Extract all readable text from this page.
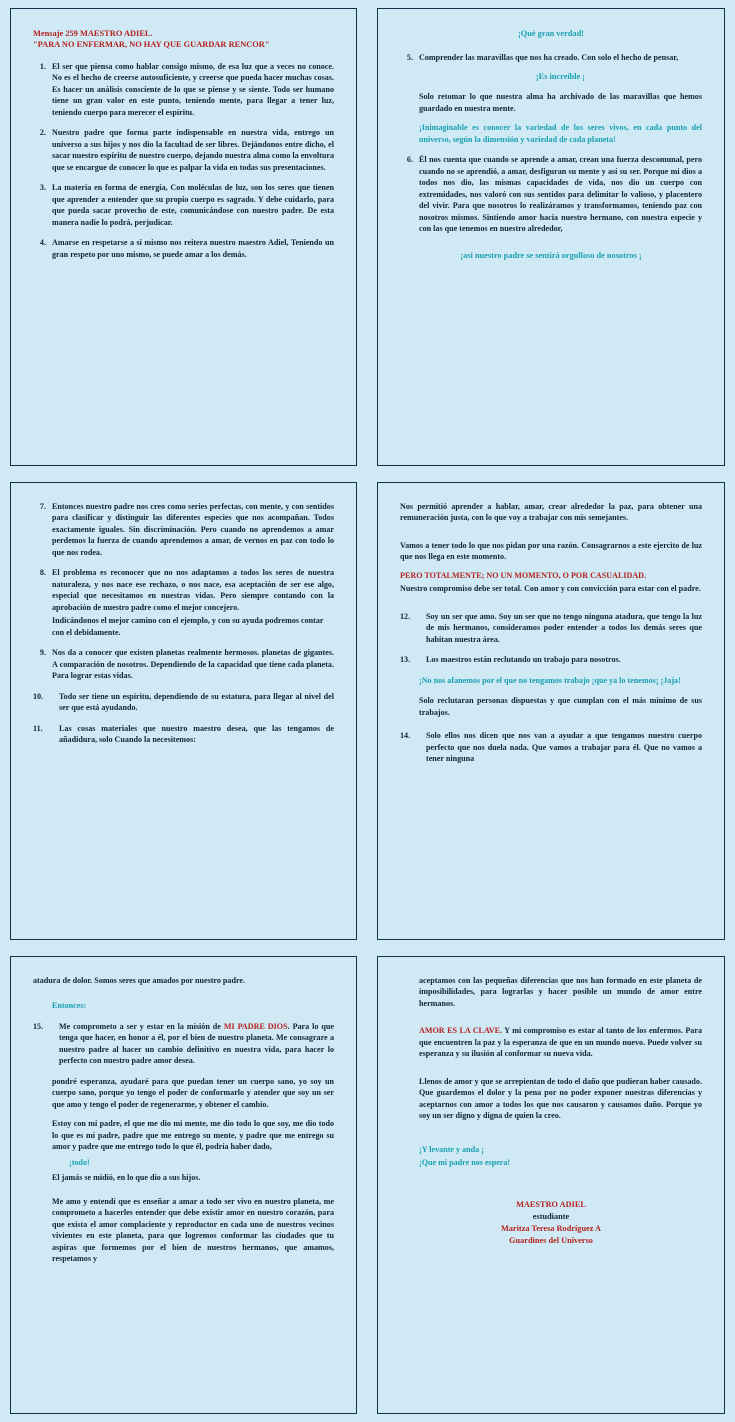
Mensaje 259 MAESTRO ADIEL.
"PARA NO ENFERMAR, NO HAY QUE GUARDAR RENCOR"
1. El ser que piensa como hablar consigo mismo, de esa luz que a veces no conoce. No es el hecho de creerse autosuficiente, y creerse que pueda hacer muchas cosas. Es hacer un análisis consciente de lo que se piense y se siente. Todo ser humano tiene un gran valor en este punto, teniendo mente, para llegar a tener luz, teniendo cuerpo para merecer el espíritu.
2. Nuestro padre que forma parte indispensable en nuestra vida, entrego un universo a sus hijos y nos dio la facultad de ser libres. Dejándonos entre dicho, el sacar nuestro espíritu de nuestro cuerpo, dejando nuestra alma como la envoltura que se encargue de conocer lo que es palpar la vida en todas sus presentaciones.
3. La materia en forma de energía, Con moléculas de luz, son los seres que tienen que aprender a entender que su propio cuerpo es sagrado. Y debe cuidarlo, para que pueda sacar provecho de este, comunicándose con nuestro padre. De esta manera nadie lo podrá, perjudicar.
4. Amarse en respetarse a si mismo nos reitera nuestro maestro Adiel, Teniendo un gran respeto por uno mismo, se puede amar a los demás.
¡Qué gran verdad!
5. Comprender las maravillas que nos ha creado. Con solo el hecho de pensar,
¡Es increíble ¡
Solo retomar lo que nuestra alma ha archivado de las maravillas que hemos guardado en nuestra mente.
¡Inimaginable es conocer la variedad de los seres vivos, en cada punto del universo, según la dimensión y variedad de cada planeta!
6. Él nos cuenta que cuando se aprende a amar, crean una fuerza descomunal, pero cuando no se aprendió, a amar, desfiguran su mente y así su ser. Porque mi dios a todos nos dio, las mismas capacidades de vida, nos dio un cuerpo con extremidades, nos valoró con sus sentidos para delimitar lo valioso, y placentero del vivir. Para que nosotros lo realizáramos y transformamos, teniendo paz con nosotros mismos. Sintiendo amor hacia nuestro hermano, con nuestra especie y con las que tenemos en nuestro alrededor,
¡así nuestro padre se sentirá orgulloso de nosotros ¡
7. Entonces nuestro padre nos creo como series perfectas, con mente, y con sentidos para clasificar y distinguir las diferentes especies que nos acompañan. Todos exactamente iguales. Sin discriminación. Pero cuando no aprendemos a amar perdemos la fuerza de cuando aprendemos a amar, de vernos en paz con todo lo que nos rodea.
8. El problema es reconocer que no nos adaptamos a todos los seres de nuestra naturaleza, y nos nace ese rechazo, o nos nace, esa aceptación de ser ese algo, especial que necesitamos en nuestras vidas. Pero siempre contando con la aprobación de nuestro padre como el mejor concejero.
Indicándonos el mejor camino con el ejemplo, y con su ayuda podremos contar con el debidamente.
9. Nos da a conocer que existen planetas realmente hermosos. planetas de gigantes. A comparación de nosotros. Dependiendo de la capacidad que tiene cada planeta. Para lograr estas vidas.
10.	Todo ser tiene un espíritu, dependiendo de su estatura, para llegar al nivel del ser que está ayudando.
11.	Las cosas materiales que nuestro maestro desea, que las tengamos de añadidura, solo Cuando la necesitemos:
Nos permitió aprender a hablar, amar, crear alrededor la paz, para obtener una remuneración justa, con lo que voy a trabajar con mis semejantes.
Vamos a tener todo lo que nos pidan por una razón. Consagrarnos a este ejercito de luz que nos llega en este momento.
PERO TOTALMENTE; NO UN MOMENTO, O POR CASUALIDAD.
Nuestro compromiso debe ser total. Con amor y con convicción para estar con el padre.
12.	Soy un ser que amo. Soy un ser que no tengo ninguna atadura, que tengo la luz de mis hermanos, consideramos poder entender a todos los demás seres que habitan nuestra área.
13.	Los maestros están reclutando un trabajo para nosotros.
¡No nos afanemos por el que no tengamos trabajo ¡que ya lo tenemos¡ ¡Jaja!
Solo reclutaran personas dispuestas y que cumplan con el más mínimo de sus trabajos.
14.	Solo ellos nos dicen que nos van a ayudar a que tengamos nuestro cuerpo perfecto que nos duela nada. Que vamos a trabajar para él. Que no vamos a tener ninguna
atadura de dolor. Somos seres que amados por nuestro padre.
Entonces:
15.	Me comprometo a ser y estar en la misión de MI PADRE DIOS. Para lo que tenga que hacer, en honor a él, por el bien de nuestro planeta. Me consagrare a nuestro padre al hacer un cambio definitivo en nuestra vida, para hacer lo perfecto con nuestro padre amor desea.
pondré esperanza, ayudaré para que puedan tener un cuerpo sano, yo soy un cuerpo sano, porque yo tengo el poder de conformarlo y atender que soy un ser que amo y tengo el poder de regenerarme, y obtener el cambio.
Estoy con mi padre, el que me dio mi mente, me dio todo lo que soy, me dio todo lo que es mi padre, padre que me entrego su mente, y padre que me entrego su amor y padre que me entrego todo lo que él, podría haber dado,
¡todo!
El jamás se midió, en lo que dio a sus hijos.
Me amo y entendí que es enseñar a amar a todo ser vivo en nuestro planeta, me comprometo a hacerles entender que debe existir amor en nuestro corazón, para que exista el amor complaciente y reproductor en cada uno de nuestros vecinos vivientes en este planeta, para que logremos conformar las ciudades que tu aspiras que formemos por el bien de nuestros hermanos, que amamos, respetamos y
aceptamos con las pequeñas diferencias que nos han formado en este planeta de imposibilidades, para lograrlas y hacer posible un mundo de amor entre hermanos.
AMOR ES LA CLAVE. Y mi compromiso es estar al tanto de los enfermos. Para que encuentren la paz y la esperanza de que en un mundo nuevo. Puede volver su esperanza y su ilusión al conformar su nueva vida.
Llenos de amor y que se arrepientan de todo el daño que pudieran haber causado. Que guardemos el dolor y la pena por no poder exponer nuestras diferencias y aceptarnos con amor a todos los que nos causaron y causamos daño. Porque yo soy un ser digno y digna de quien la creo.
¡Y levante y anda ¡
¡Que mi padre nos espera!
MAESTRO ADIEL
estudiante
Maritza Teresa Rodríguez A
Guardines del Universo
